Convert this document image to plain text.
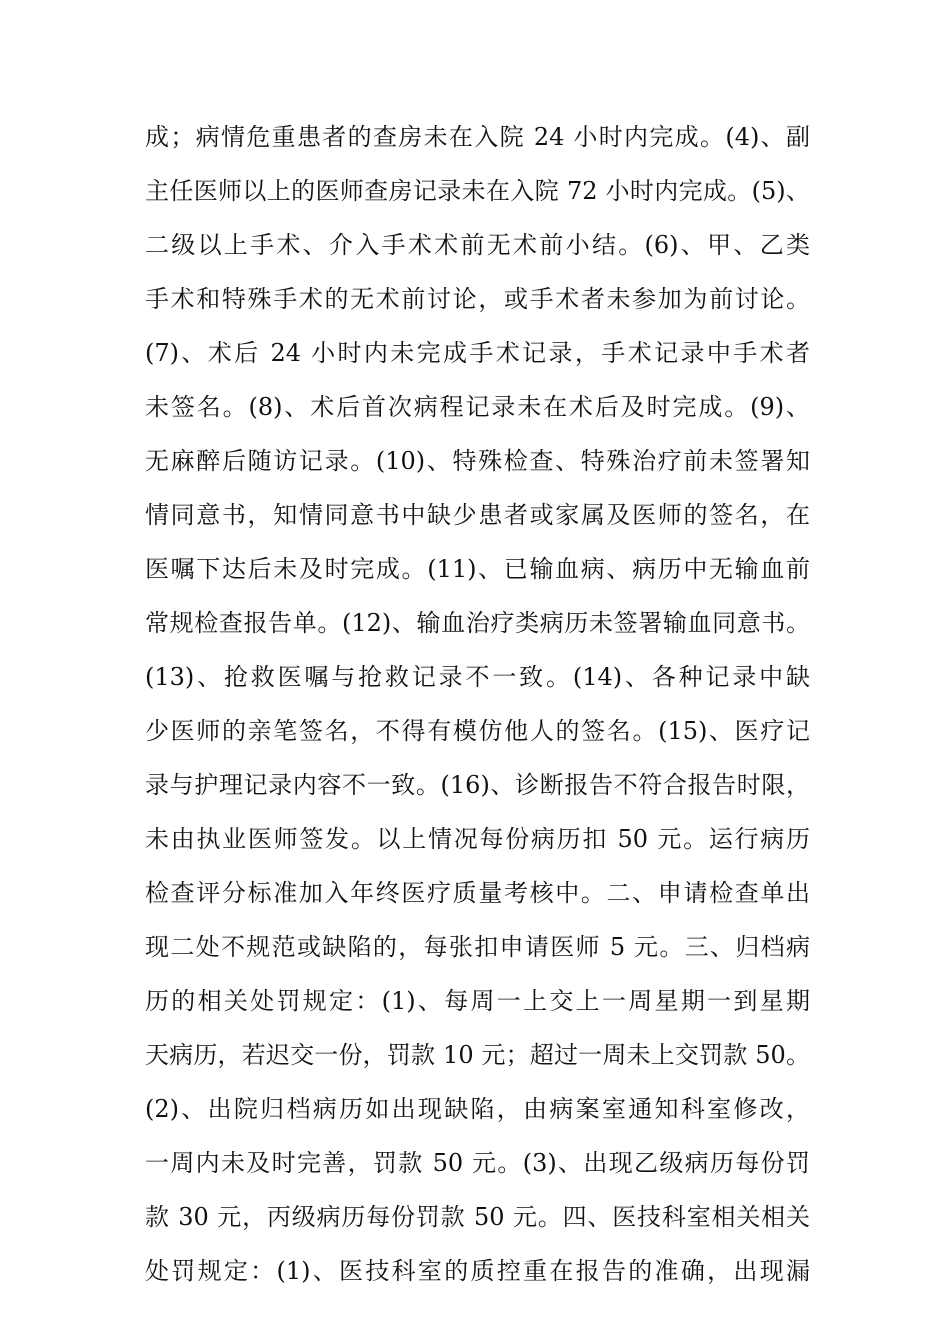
成；病情危重患者的查房未在入院 24 小时内完成。(4)、副
主任医师以上的医师查房记录未在入院 72 小时内完成。(5)、
二级以上手术、介入手术术前无术前小结。(6)、甲、乙类
手术和特殊手术的无术前讨论，或手术者未参加为前讨论。
(7)、术后 24 小时内未完成手术记录，手术记录中手术者
未签名。(8)、术后首次病程记录未在术后及时完成。(9)、
无麻醉后随访记录。(10)、特殊检查、特殊治疗前未签署知
情同意书，知情同意书中缺少患者或家属及医师的签名，在
医嘱下达后未及时完成。(11)、已输血病、病历中无输血前
常规检查报告单。(12)、输血治疗类病历未签署输血同意书。
(13)、抢救医嘱与抢救记录不一致。(14)、各种记录中缺
少医师的亲笔签名，不得有模仿他人的签名。(15)、医疗记
录与护理记录内容不一致。(16)、诊断报告不符合报告时限，
未由执业医师签发。以上情况每份病历扣 50 元。运行病历
检查评分标准加入年终医疗质量考核中。二、申请检查单出
现二处不规范或缺陷的，每张扣申请医师 5 元。三、归档病
历的相关处罚规定：(1)、每周一上交上一周星期一到星期
天病历，若迟交一份，罚款 10 元；超过一周未上交罚款 50。
(2)、出院归档病历如出现缺陷，由病案室通知科室修改，
一周内未及时完善，罚款 50 元。(3)、出现乙级病历每份罚
款 30 元，丙级病历每份罚款 50 元。四、医技科室相关相关
处罚规定：(1)、医技科室的质控重在报告的准确，出现漏
